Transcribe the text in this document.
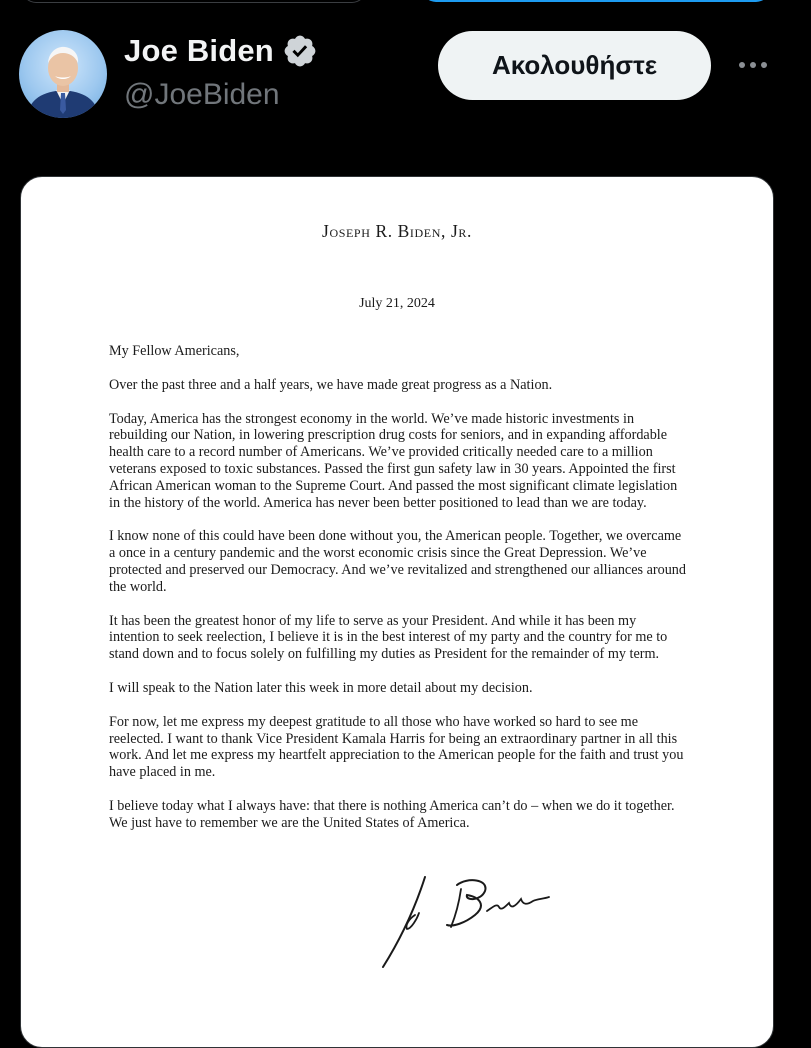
Joe Biden
@JoeBiden
Ακολουθήστε
Joseph R. Biden, Jr.
July 21, 2024

My Fellow Americans,

Over the past three and a half years, we have made great progress as a Nation.

Today, America has the strongest economy in the world. We’ve made historic investments in rebuilding our Nation, in lowering prescription drug costs for seniors, and in expanding affordable health care to a record number of Americans. We’ve provided critically needed care to a million veterans exposed to toxic substances. Passed the first gun safety law in 30 years. Appointed the first African American woman to the Supreme Court. And passed the most significant climate legislation in the history of the world. America has never been better positioned to lead than we are today.

I know none of this could have been done without you, the American people. Together, we overcame a once in a century pandemic and the worst economic crisis since the Great Depression. We’ve protected and preserved our Democracy. And we’ve revitalized and strengthened our alliances around the world.

It has been the greatest honor of my life to serve as your President. And while it has been my intention to seek reelection, I believe it is in the best interest of my party and the country for me to stand down and to focus solely on fulfilling my duties as President for the remainder of my term.

I will speak to the Nation later this week in more detail about my decision.

For now, let me express my deepest gratitude to all those who have worked so hard to see me reelected. I want to thank Vice President Kamala Harris for being an extraordinary partner in all this work. And let me express my heartfelt appreciation to the American people for the faith and trust you have placed in me.

I believe today what I always have: that there is nothing America can’t do – when we do it together. We just have to remember we are the United States of America.
